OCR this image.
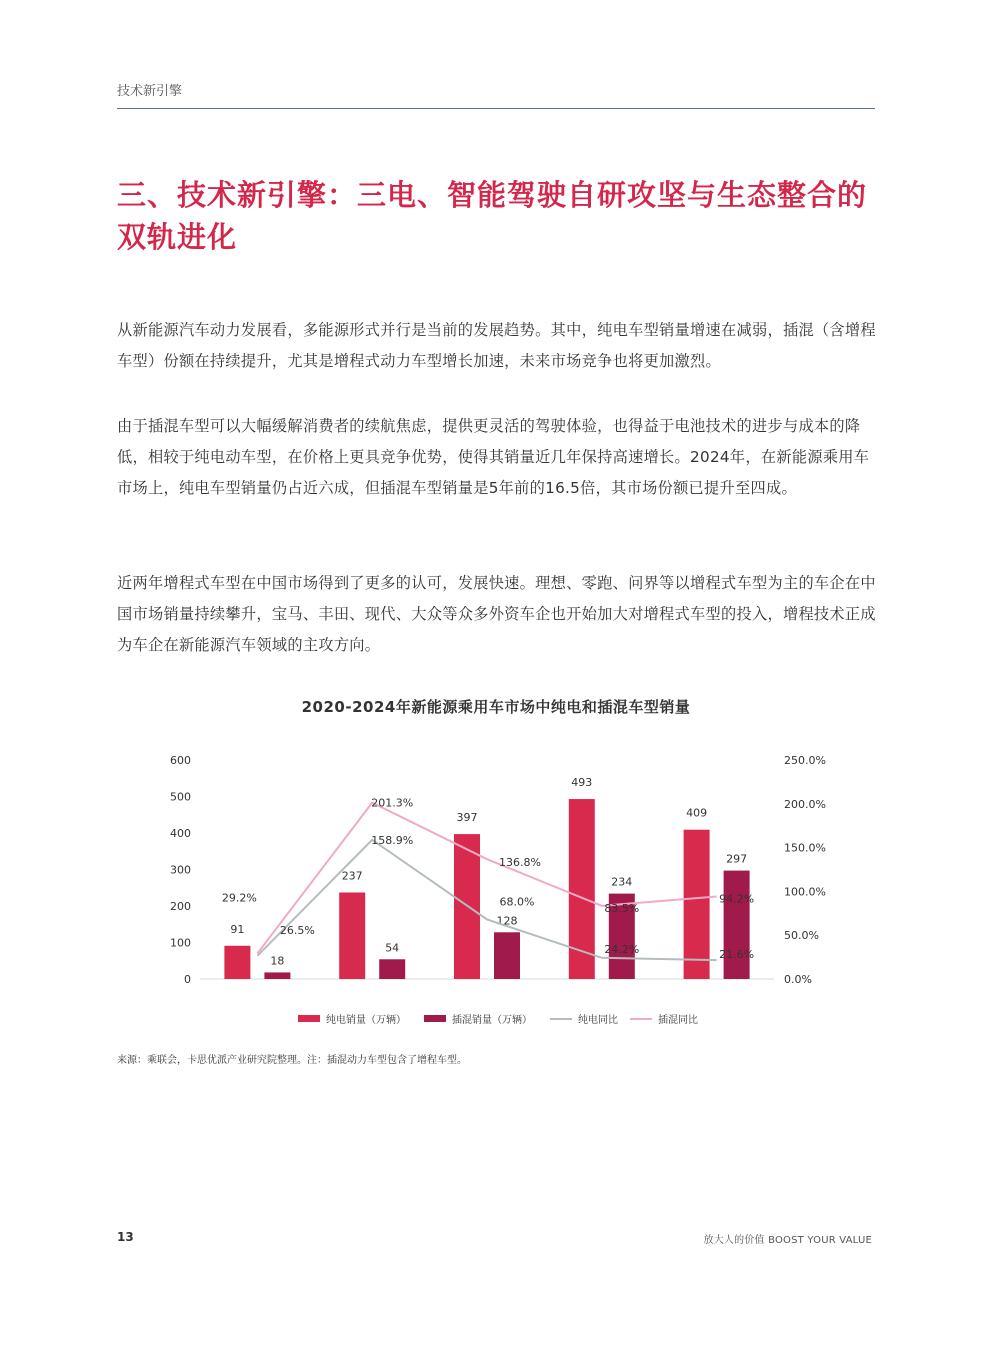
技术新引擎
三、技术新引擎：三电、智能驾驶自研攻坚与生态整合的双轨进化
从新能源汽车动力发展看，多能源形式并行是当前的发展趋势。其中，纯电车型销量增速在减弱，插混（含增程车型）份额在持续提升，尤其是增程式动力车型增长加速，未来市场竞争也将更加激烈。
由于插混车型可以大幅缓解消费者的续航焦虑，提供更灵活的驾驶体验，也得益于电池技术的进步与成本的降低，相较于纯电动车型，在价格上更具竞争优势，使得其销量近几年保持高速增长。2024年，在新能源乘用车市场上，纯电车型销量仍占近六成，但插混车型销量是5年前的16.5倍，其市场份额已提升至四成。
近两年增程式车型在中国市场得到了更多的认可，发展快速。理想、零跑、问界等以增程式车型为主的车企在中国市场销量持续攀升，宝马、丰田、现代、大众等众多外资车企也开始加大对增程式车型的投入，增程技术正成为车企在新能源汽车领域的主攻方向。
2020-2024年新能源乘用车市场中纯电和插混车型销量
0
100
200
300
400
500
600
0.0%
50.0%
100.0%
150.0%
200.0%
250.0%
91
237
397
493
409
18
54
128
234
297
26.5%
158.9%
68.0%
24.2%	21.6%
29.2%
201.3%
136.8%
83.5%
94.2%
纯电销量（万辆）	插混销量（万辆）	纯电同比	插混同比
来源：乘联会，卡思优派产业研究院整理。注：插混动力车型包含了增程车型。
13	放大人的价值 BOOST YOUR VALUE
